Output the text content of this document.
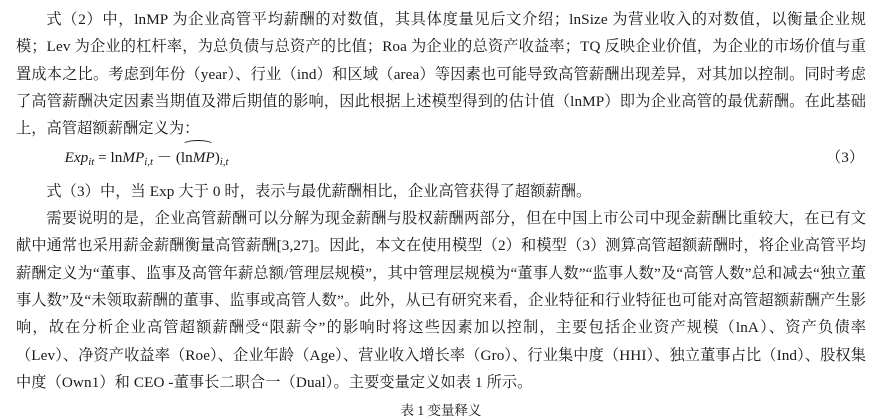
式（2）中，lnMP 为企业高管平均薪酬的对数值，其具体度量见后文介绍；lnSize 为营业收入的对数值，以衡量企业规模；Lev 为企业的杠杆率，为总负债与总资产的比值；Roa 为企业的总资产收益率；TQ 反映企业价值，为企业的市场价值与重置成本之比。考虑到年份（year）、行业（ind）和区域（area）等因素也可能导致高管薪酬出现差异，对其加以控制。同时考虑了高管薪酬决定因素当期值及滞后期值的影响，因此根据上述模型得到的估计值（lnMP）即为企业高管的最优薪酬。在此基础上，高管超额薪酬定义为：

Exp$_{it}$ = lnMP$_{i,t}$ － (
$lnMP)_{i,t}$	（3）

式（3）中，当 Exp 大于 0 时，表示与最优薪酬相比，企业高管获得了超额薪酬。

需要说明的是，企业高管薪酬可以分解为现金薪酬与股权薪酬两部分，但在中国上市公司中现金薪酬比重较大，在已有文献中通常也采用薪金薪酬衡量高管薪酬[3,27]。因此，本文在使用模型（2）和模型（3）测算高管超额薪酬时，将企业高管平均薪酬定义为“董事、监事及高管年薪总额/管理层规模”，其中管理层规模为“董事人数”“监事人数”及“高管人数”总和减去“独立董事人数”及“未领取薪酬的董事、监事或高管人数”。此外，从已有研究来看，企业特征和行业特征也可能对高管超额薪酬产生影响，故在分析企业高管超额薪酬受“限薪令”的影响时将这些因素加以控制，主要包括企业资产规模（lnA）、资产负债率（Lev）、净资产收益率（Roe）、企业年龄（Age）、营业收入增长率（Gro）、行业集中度（HHI）、独立董事占比（Ind）、股权集中度（Own1）和 CEO -董事长二职合一（Dual）。主要变量定义如表 1 所示。

表 1 变量释义
